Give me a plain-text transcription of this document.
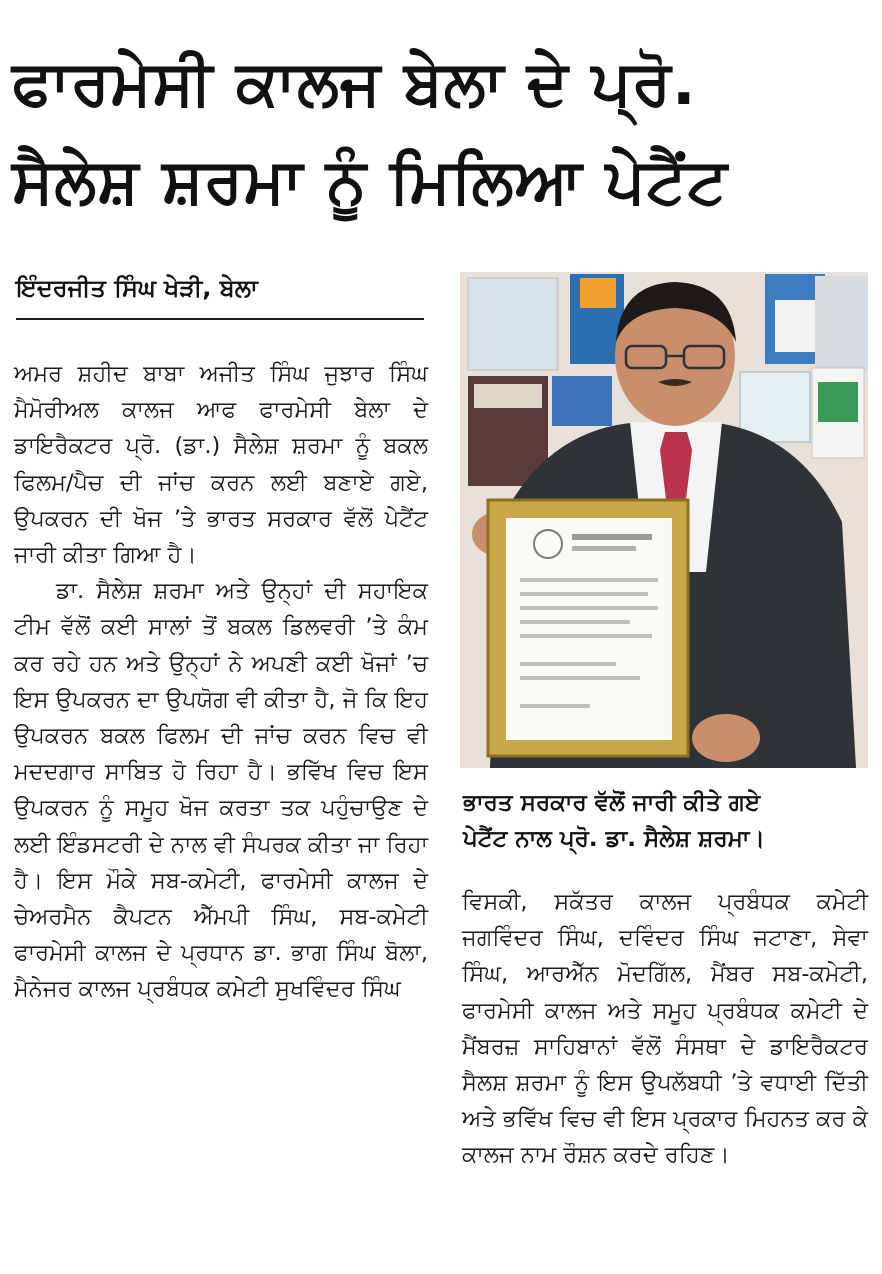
ਫਾਰਮੇਸੀ ਕਾਲਜ ਬੇਲਾ ਦੇ ਪ੍ਰੋ.
ਸੈਲੇਸ਼ ਸ਼ਰਮਾ ਨੂੰ ਮਿਲਿਆ ਪੇਟੈਂਟ
ਇੰਦਰਜੀਤ ਸਿੰਘ ਖੇੜੀ, ਬੇਲਾ

ਅਮਰ ਸ਼ਹੀਦ ਬਾਬਾ ਅਜੀਤ ਸਿੰਘ ਜੁਝਾਰ ਸਿੰਘ ਮੈਮੋਰੀਅਲ ਕਾਲਜ ਆਫ ਫਾਰਮੇਸੀ ਬੇਲਾ ਦੇ ਡਾਇਰੈਕਟਰ ਪ੍ਰੋ. (ਡਾ.) ਸੈਲੇਸ਼ ਸ਼ਰਮਾ ਨੂੰ ਬਕਲ ਫਿਲਮ/ਪੈਚ ਦੀ ਜਾਂਚ ਕਰਨ ਲਈ ਬਣਾਏ ਗਏ, ਉਪਕਰਨ ਦੀ ਖੋਜ ’ਤੇ ਭਾਰਤ ਸਰਕਾਰ ਵੱਲੋਂ ਪੇਟੈਂਟ ਜਾਰੀ ਕੀਤਾ ਗਿਆ ਹੈ।

ਡਾ. ਸੈਲੇਸ਼ ਸ਼ਰਮਾ ਅਤੇ ਉਨ੍ਹਾਂ ਦੀ ਸਹਾਇਕ ਟੀਮ ਵੱਲੋਂ ਕਈ ਸਾਲਾਂ ਤੋਂ ਬਕਲ ਡਿਲਵਰੀ ’ਤੇ ਕੰਮ ਕਰ ਰਹੇ ਹਨ ਅਤੇ ਉਨ੍ਹਾਂ ਨੇ ਅਪਣੀ ਕਈ ਖੋਜਾਂ ’ਚ ਇਸ ਉਪਕਰਨ ਦਾ ਉਪਯੋਗ ਵੀ ਕੀਤਾ ਹੈ, ਜੋ ਕਿ ਇਹ ਉਪਕਰਨ ਬਕਲ ਫਿਲਮ ਦੀ ਜਾਂਚ ਕਰਨ ਵਿਚ ਵੀ ਮਦਦਗਾਰ ਸਾਬਿਤ ਹੋ ਰਿਹਾ ਹੈ। ਭਵਿੱਖ ਵਿਚ ਇਸ ਉਪਕਰਨ ਨੂੰ ਸਮੂਹ ਖੋਜ ਕਰਤਾ ਤਕ ਪਹੁੰਚਾਉਣ ਦੇ ਲਈ ਇੰਡਸਟਰੀ ਦੇ ਨਾਲ ਵੀ ਸੰਪਰਕ ਕੀਤਾ ਜਾ ਰਿਹਾ ਹੈ। ਇਸ ਮੌਕੇ ਸਬ-ਕਮੇਟੀ, ਫਾਰਮੇਸੀ ਕਾਲਜ ਦੇ ਚੇਅਰਮੈਨ ਕੈਪਟਨ ਐੱਮਪੀ ਸਿੰਘ, ਸਬ-ਕਮੇਟੀ ਫਾਰਮੇਸੀ ਕਾਲਜ ਦੇ ਪ੍ਰਧਾਨ ਡਾ. ਭਾਗ ਸਿੰਘ ਬੋਲਾ, ਮੈਨੇਜਰ ਕਾਲਜ ਪ੍ਰਬੰਧਕ ਕਮੇਟੀ ਸੁਖਵਿੰਦਰ ਸਿੰਘ

ਭਾਰਤ ਸਰਕਾਰ ਵੱਲੋਂ ਜਾਰੀ ਕੀਤੇ ਗਏ
ਪੇਟੈਂਟ ਨਾਲ ਪ੍ਰੋ. ਡਾ. ਸੈਲੇਸ਼ ਸ਼ਰਮਾ।

ਵਿਸਕੀ, ਸਕੱਤਰ ਕਾਲਜ ਪ੍ਰਬੰਧਕ ਕਮੇਟੀ ਜਗਵਿੰਦਰ ਸਿੰਘ, ਦਵਿੰਦਰ ਸਿੰਘ ਜਟਾਣਾ, ਸੇਵਾ ਸਿੰਘ, ਆਰਐੱਨ ਮੋਦਗਿੱਲ, ਮੈਂਬਰ ਸਬ-ਕਮੇਟੀ, ਫਾਰਮੇਸੀ ਕਾਲਜ ਅਤੇ ਸਮੂਹ ਪ੍ਰਬੰਧਕ ਕਮੇਟੀ ਦੇ ਮੈਂਬਰਜ਼ ਸਾਹਿਬਾਨਾਂ ਵੱਲੋਂ ਸੰਸਥਾ ਦੇ ਡਾਇਰੈਕਟਰ ਸੈਲਸ਼ ਸ਼ਰਮਾ ਨੂੰ ਇਸ ਉਪਲੱਬਧੀ ’ਤੇ ਵਧਾਈ ਦਿੱਤੀ ਅਤੇ ਭਵਿੱਖ ਵਿਚ ਵੀ ਇਸ ਪ੍ਰਕਾਰ ਮਿਹਨਤ ਕਰ ਕੇ ਕਾਲਜ ਨਾਮ ਰੌਸ਼ਨ ਕਰਦੇ ਰਹਿਣ।
